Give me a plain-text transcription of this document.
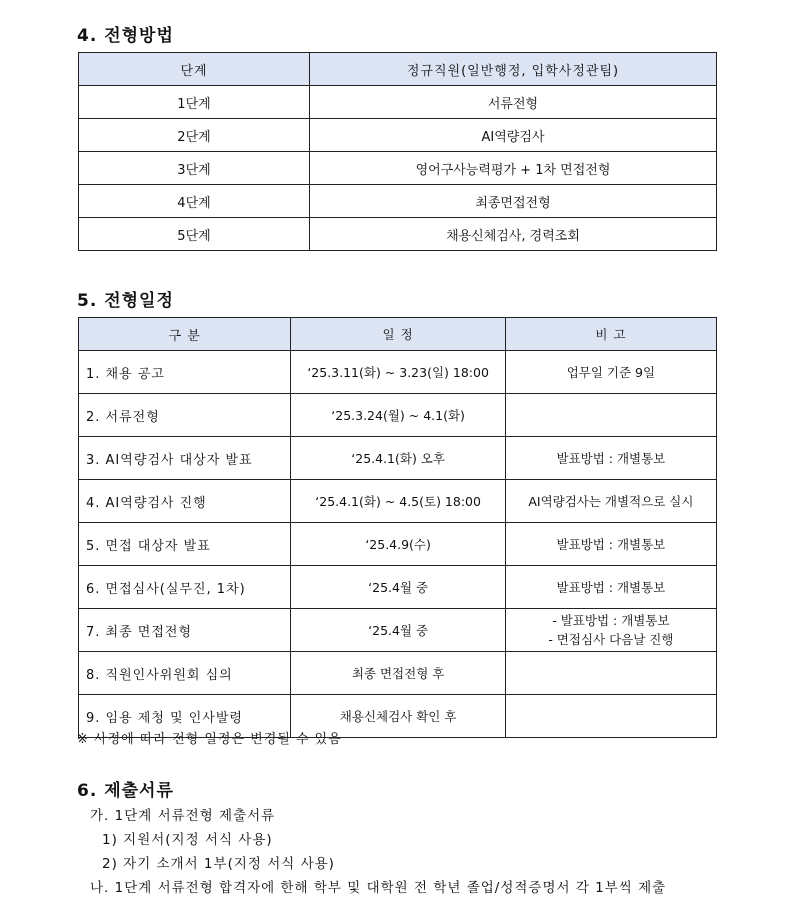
4. 전형방법
단계	정규직원(일반행정, 입학사정관팀)
1단계	서류전형
2단계	AI역량검사
3단계	영어구사능력평가 + 1차 면접전형
4단계	최종면접전형
5단계	채용신체검사, 경력조회
5. 전형일정
구 분	일 정	비 고
1. 채용 공고	‘25.3.11(화) ~ 3.23(일) 18:00	업무일 기준 9일
2. 서류전형	‘25.3.24(월) ~ 4.1(화)	
3. AI역량검사 대상자 발표	‘25.4.1(화) 오후	발표방법 : 개별통보
4. AI역량검사 진행	‘25.4.1(화) ~ 4.5(토) 18:00	AI역량검사는 개별적으로 실시
5. 면접 대상자 발표	‘25.4.9(수)	발표방법 : 개별통보
6. 면접심사(실무진, 1차)	‘25.4월 중	발표방법 : 개별통보
7. 최종 면접전형	‘25.4월 중	- 발표방법 : 개별통보
- 면접심사 다음날 진행

8. 직원인사위원회 심의	최종 면접전형 후	
9. 임용 제청 및 인사발령	채용신체검사 확인 후	
※ 사정에 따라 전형 일정은 변경될 수 있음
6. 제출서류
가. 1단계 서류전형 제출서류
1) 지원서(지정 서식 사용)
2) 자기 소개서 1부(지정 서식 사용)
나. 1단계 서류전형 합격자에 한해 학부 및 대학원 전 학년 졸업/성적증명서 각 1부씩 제출
